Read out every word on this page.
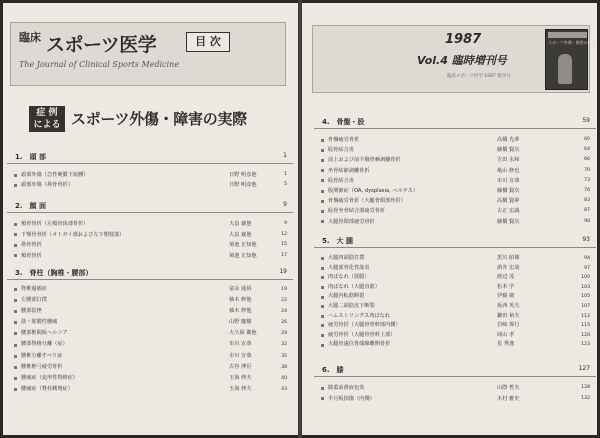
臨床 スポーツ医学	目 次
The Journal of Clinical Sports Medicine
症 例
による スポーツ外傷・障害の実際
1.　頭 部	1
頭部外傷（急性硬膜下血腫）	日野 明彦他	1
頭部外傷（鼻骨骨折）	日野 明彦他	5
2.　顔 面	9
頬骨骨折（左頬骨体部骨折）	大畠 襄他	9
下顎骨骨折（オトガイ部および左下顎枝部）	大畠 襄他	12
鼻骨骨折	菊池 正知他	15
頬骨骨折	菊池 正知他	17
3.　脊柱（胸椎・腰部）	19
脊椎過敏症	富永 通裕	19
左腰部打撲	柚木 修他	22
腰部捻挫	柚木 修他	24
筋・筋膜性腰痛	山野 慶樹	26
腰部椎間板ヘルニア	大久保 衞他	29
腰部脊椎分離（症）	市川 宣恭	32
腰椎分離すべり症	市川 宣恭	35
腰椎椎弓疲労骨折	古谷 博臣	38
腰痛症（変形性脊椎症）	玉海 伸夫	40
腰痛症（脊柱側彎症）	玉海 伸夫	43
1987
Vol.4 臨時増刊号
臨床スポーツ医学 1987 増刊号
スポーツ外傷・障害の実際
4.　骨盤・股	59
骨盤疲労骨折	高橋 先夢	60
恥骨結合炎	藤橋 賢次	64
前上および前下腸骨棘剥離骨折	吉田 永和	66
坐骨結節剥離骨折	亀山 修也	70
恥骨結合炎	市川 宣恭	73
股関節症（OA, dysplasia, ペルテス）	藤橋 賢次	76
骨盤疲労骨折（大腿骨頸部骨折）	高橋 賢夢	83
恥骨坐骨結合部疲労骨折	古正 宏誠	87
大腿骨頸部疲労骨折	藤橋 賢次	90
5.　大 腿	93
大腿四頭筋打撲	黒川 昭雄	94
大腿部骨化性筋炎	酒井 宏哉	97
肉ばなれ（筋膜）	渡辺 茂	100
肉ばなれ（大腿直筋）	松本 学	103
大腿内転筋断裂	伊藤 廣	105
大腿二頭筋皮下断裂	坂西 英夫	107
ハムストリングス肉ばなれ	鎌田 裕夫	112
疲労骨折（大腿骨骨幹部内側）	岩崎 偉行	115
疲労骨折（大腿骨骨幹上部）	岡山 孝	120
大腿骨遠位骨端線離開骨折	星 秀逸	123
6.　膝	127
膝蓋前滑液包炎	山際 哲夫	128
半月板損傷（内側）	木村 雅史	132
